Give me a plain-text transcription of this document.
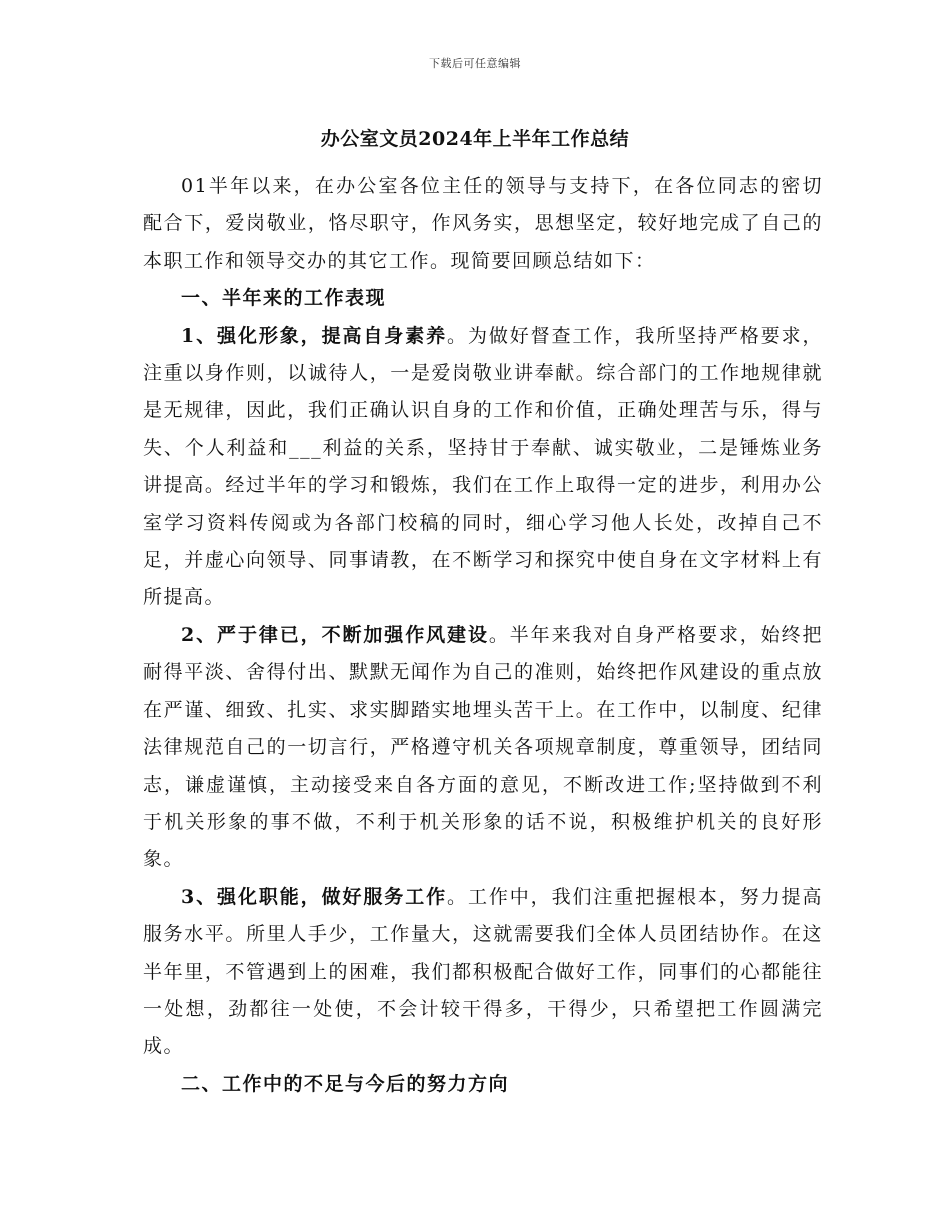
下载后可任意编辑
办公室文员2024年上半年工作总结

01半年以来，在办公室各位主任的领导与支持下，在各位同志的密切配合下，爱岗敬业，恪尽职守，作风务实，思想坚定，较好地完成了自己的本职工作和领导交办的其它工作。现简要回顾总结如下：

一、半年来的工作表现

1、强化形象，提高自身素养。为做好督查工作，我所坚持严格要求，注重以身作则，以诚待人，一是爱岗敬业讲奉献。综合部门的工作地规律就是无规律，因此，我们正确认识自身的工作和价值，正确处理苦与乐，得与失、个人利益和___利益的关系，坚持甘于奉献、诚实敬业，二是锤炼业务讲提高。经过半年的学习和锻炼，我们在工作上取得一定的进步，利用办公室学习资料传阅或为各部门校稿的同时，细心学习他人长处，改掉自己不足，并虚心向领导、同事请教，在不断学习和探究中使自身在文字材料上有所提高。

2、严于律已，不断加强作风建设。半年来我对自身严格要求，始终把耐得平淡、舍得付出、默默无闻作为自己的准则，始终把作风建设的重点放在严谨、细致、扎实、求实脚踏实地埋头苦干上。在工作中，以制度、纪律法律规范自己的一切言行，严格遵守机关各项规章制度，尊重领导，团结同志，谦虚谨慎，主动接受来自各方面的意见，不断改进工作;坚持做到不利于机关形象的事不做，不利于机关形象的话不说，积极维护机关的良好形象。

3、强化职能，做好服务工作。工作中，我们注重把握根本，努力提高服务水平。所里人手少，工作量大，这就需要我们全体人员团结协作。在这半年里，不管遇到上的困难，我们都积极配合做好工作，同事们的心都能往一处想，劲都往一处使，不会计较干得多，干得少，只希望把工作圆满完成。

二、工作中的不足与今后的努力方向
